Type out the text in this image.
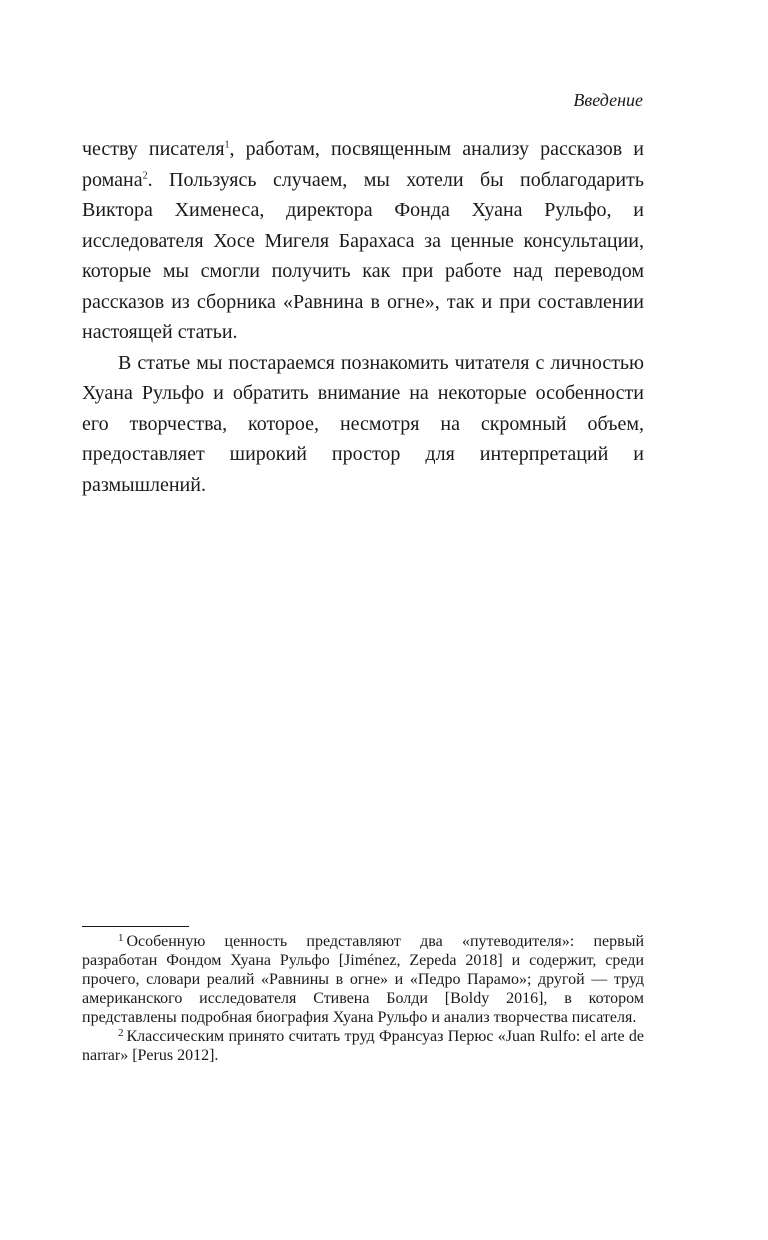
Введение

честву писателя$^1$, работам, посвященным анализу рассказов и романа$^2$. Пользуясь случаем, мы хотели бы поблагодарить Виктора Хименеса, директора Фонда Хуана Рульфо, и исследователя Хосе Мигеля Барахаса за ценные консультации, которые мы смогли получить как при работе над переводом рассказов из сборника «Равнина в огне», так и при составлении настоящей статьи.

В статье мы постараемся познакомить читателя с личностью Хуана Рульфо и обратить внимание на некоторые особенности его творчества, которое, несмотря на скромный объем, предоставляет широкий простор для интерпретаций и размышлений.

$^1$ Особенную ценность представляют два «путеводителя»: первый разработан Фондом Хуана Рульфо [Jiménez, Zepeda 2018] и содержит, среди прочего, словари реалий «Равнины в огне» и «Педро Парамо»; другой — труд американского исследователя Стивена Болди [Boldy 2016], в котором представлены подробная биография Хуана Рульфо и анализ творчества писателя.

$^2$ Классическим принято считать труд Франсуаз Перюс «Juan Rulfo: el arte de narrar» [Perus 2012].
